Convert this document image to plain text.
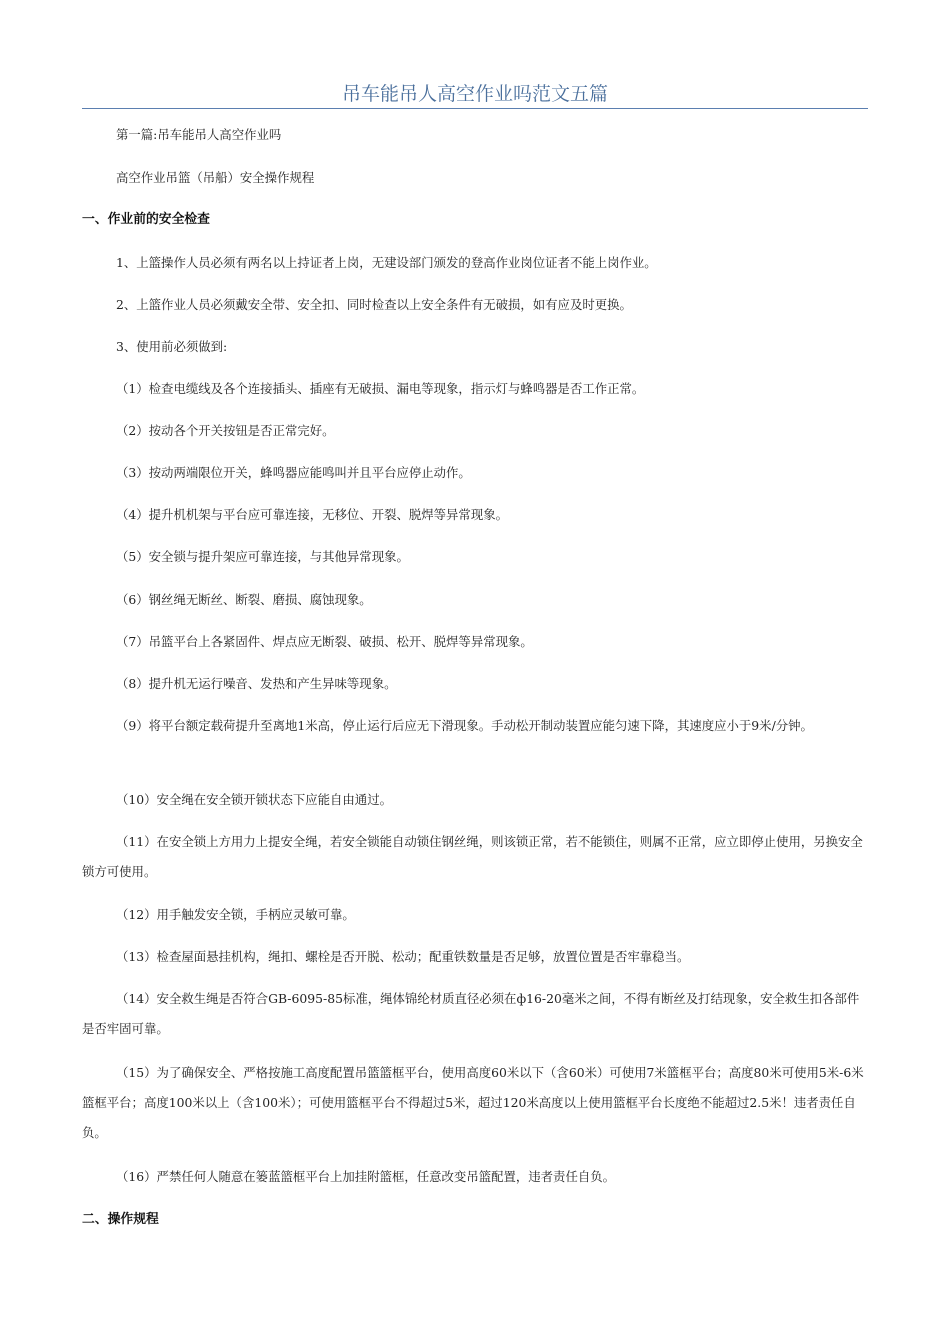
吊车能吊人高空作业吗范文五篇

第一篇:吊车能吊人高空作业吗

高空作业吊篮（吊船）安全操作规程

一、作业前的安全检查

1、上篮操作人员必须有两名以上持证者上岗，无建设部门颁发的登高作业岗位证者不能上岗作业。

2、上篮作业人员必须戴安全带、安全扣、同时检查以上安全条件有无破损，如有应及时更换。

3、使用前必须做到:

（1）检查电缆线及各个连接插头、插座有无破损、漏电等现象，指示灯与蜂鸣器是否工作正常。

（2）按动各个开关按钮是否正常完好。

（3）按动两端限位开关，蜂鸣器应能鸣叫并且平台应停止动作。

（4）提升机机架与平台应可靠连接，无移位、开裂、脱焊等异常现象。

（5）安全锁与提升架应可靠连接，与其他异常现象。

（6）钢丝绳无断丝、断裂、磨损、腐蚀现象。

（7）吊篮平台上各紧固件、焊点应无断裂、破损、松开、脱焊等异常现象。

（8）提升机无运行噪音、发热和产生异味等现象。

（9）将平台额定载荷提升至离地1米高，停止运行后应无下滑现象。手动松开制动装置应能匀速下降，其速度应小于9米/分钟。

（10）安全绳在安全锁开锁状态下应能自由通过。

（11）在安全锁上方用力上提安全绳，若安全锁能自动锁住钢丝绳，则该锁正常，若不能锁住，则属不正常，应立即停止使用，另换安全锁方可使用。

（12）用手触发安全锁，手柄应灵敏可靠。

（13）检查屋面悬挂机构，绳扣、螺栓是否开脱、松动；配重铁数量是否足够，放置位置是否牢靠稳当。

（14）安全救生绳是否符合GB-6095-85标准，绳体锦纶材质直径必须在ф16-20毫米之间，不得有断丝及打结现象，安全救生扣各部件是否牢固可靠。

（15）为了确保安全、严格按施工高度配置吊篮篮框平台，使用高度60米以下（含60米）可使用7米篮框平台；高度80米可使用5米-6米篮框平台；高度100米以上（含100米）；可使用篮框平台不得超过5米，超过120米高度以上使用篮框平台长度绝不能超过2.5米！违者责任自负。

（16）严禁任何人随意在篓蓝篮框平台上加挂附篮框，任意改变吊篮配置，违者责任自负。

二、操作规程
